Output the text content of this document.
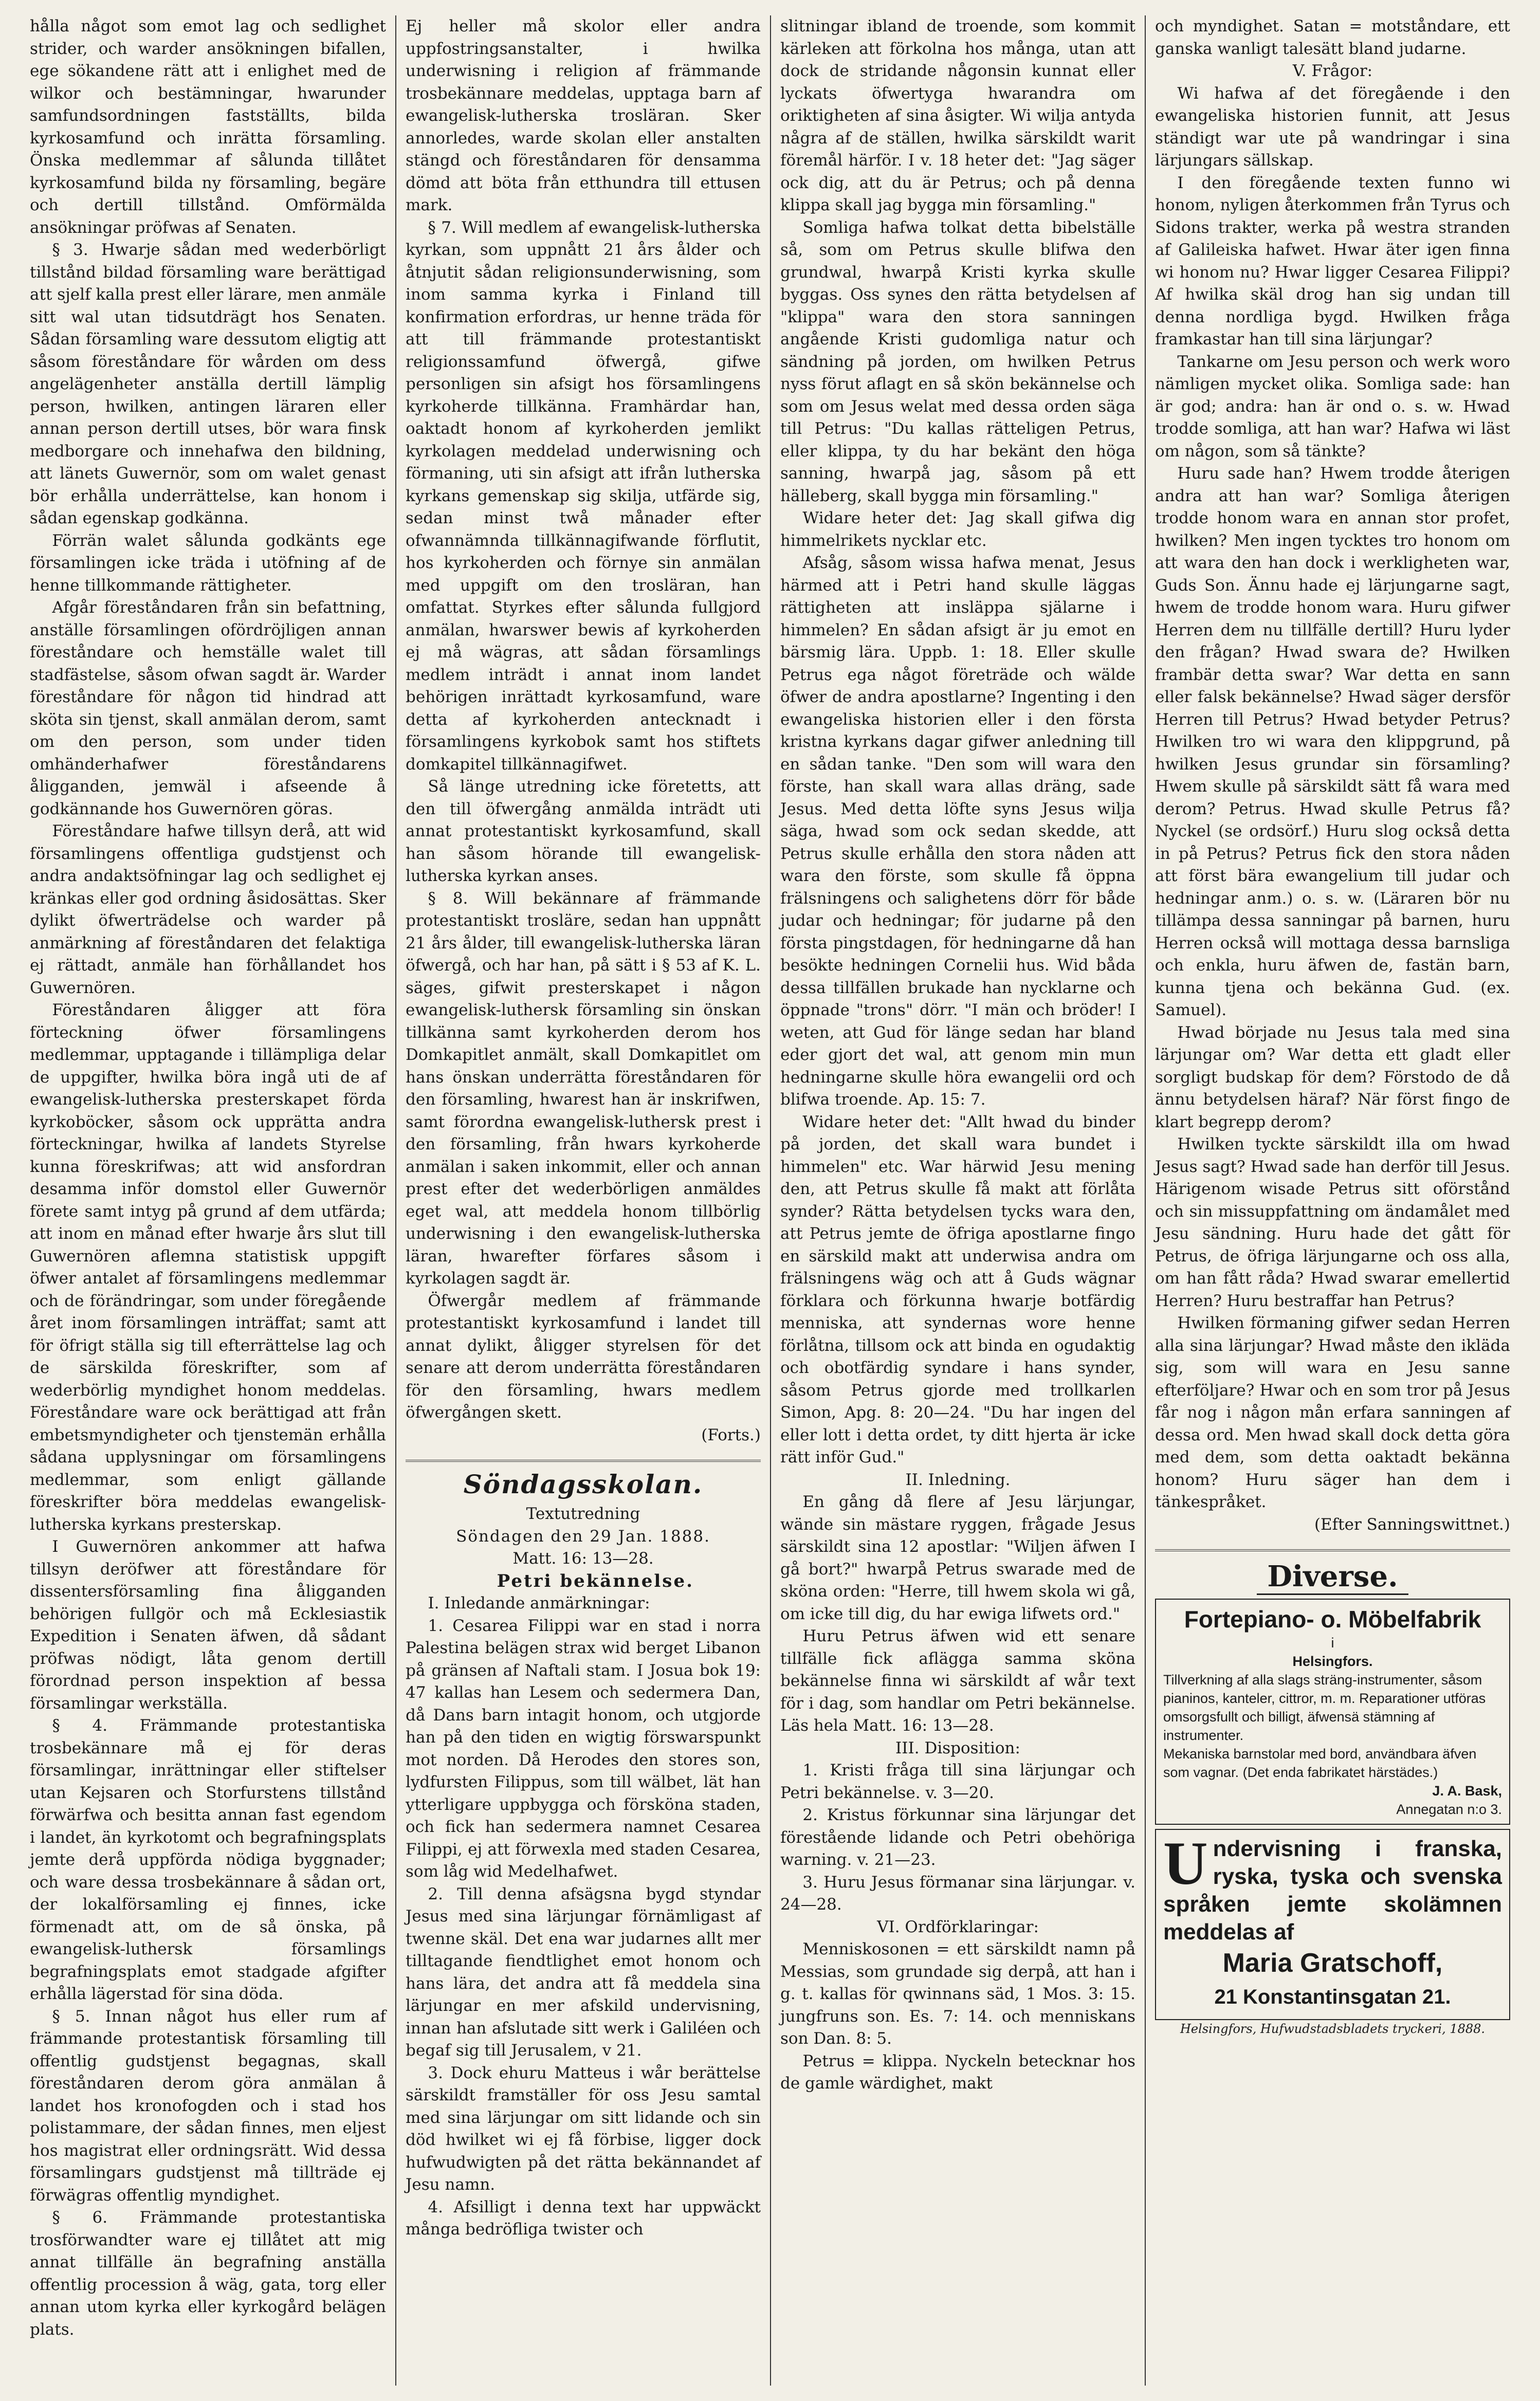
hålla något som emot lag och sedlighet strider, och warder ansökningen bifallen, ege sökandene rätt att i enlighet med de wilkor och bestämningar, hwarunder samfundsordningen fastställts, bilda kyrkosamfund och inrätta församling. Önska medlemmar af sålunda tillåtet kyrkosamfund bilda ny församling, begäre och dertill tillstånd. Omförmälda ansökningar pröfwas af Senaten.

§ 3. Hwarje sådan med wederbörligt tillstånd bildad församling ware berättigad att sjelf kalla prest eller lärare, men anmäle sitt wal utan tidsutdrägt hos Senaten. Sådan församling ware dessutom eligtig att såsom föreståndare för wården om dess angelägenheter anställa dertill lämplig person, hwilken, antingen läraren eller annan person dertill utses, bör wara finsk medborgare och innehafwa den bildning, att länets Guwernör, som om walet genast bör erhålla underrättelse, kan honom i sådan egenskap godkänna.

Förrän walet sålunda godkänts ege församlingen icke träda i utöfning af de henne tillkommande rättigheter.

Afgår föreståndaren från sin befattning, anställe församlingen ofördröjligen annan föreståndare och hemställe walet till stadfästelse, såsom ofwan sagdt är. Warder föreståndare för någon tid hindrad att sköta sin tjenst, skall anmälan derom, samt om den person, som under tiden omhänderhafwer föreståndarens åligganden, jemwäl i afseende å godkännande hos Guwernören göras.

Föreståndare hafwe tillsyn derå, att wid församlingens offentliga gudstjenst och andra andaktsöfningar lag och sedlighet ej kränkas eller god ordning åsidosättas. Sker dylikt öfwerträdelse och warder på anmärkning af föreståndaren det felaktiga ej rättadt, anmäle han förhållandet hos Guwernören.

Föreståndaren åligger att föra förteckning öfwer församlingens medlemmar, upptagande i tillämpliga delar de uppgifter, hwilka böra ingå uti de af ewangelisk-lutherska presterskapet förda kyrkoböcker, såsom ock upprätta andra förteckningar, hwilka af landets Styrelse kunna föreskrifwas; att wid ansfordran desamma inför domstol eller Guwernör förete samt intyg på grund af dem utfärda; att inom en månad efter hwarje års slut till Guwernören aflemna statistisk uppgift öfwer antalet af församlingens medlemmar och de förändringar, som under föregående året inom församlingen inträffat; samt att för öfrigt ställa sig till efterrättelse lag och de särskilda föreskrifter, som af wederbörlig myndighet honom meddelas. Föreståndare ware ock berättigad att från embetsmyndigheter och tjenstemän erhålla sådana upplysningar om församlingens medlemmar, som enligt gällande föreskrifter böra meddelas ewangelisk-lutherska kyrkans presterskap.

I Guwernören ankommer att hafwa tillsyn deröfwer att föreståndare för dissentersförsamling fina åligganden behörigen fullgör och må Ecklesiastik Expedition i Senaten äfwen, då sådant pröfwas nödigt, låta genom dertill förordnad person inspektion af bessa församlingar werkställa.

§ 4. Främmande protestantiska trosbekännare må ej för deras församlingar, inrättningar eller stiftelser utan Kejsaren och Storfurstens tillstånd förwärfwa och besitta annan fast egendom i landet, än kyrkotomt och begrafningsplats jemte derå uppförda nödiga byggnader; och ware dessa trosbekännare å sådan ort, der lokalförsamling ej finnes, icke förmenadt att, om de så önska, på ewangelisk-luthersk församlings begrafningsplats emot stadgade afgifter erhålla lägerstad för sina döda.

§ 5. Innan något hus eller rum af främmande protestantisk församling till offentlig gudstjenst begagnas, skall föreståndaren derom göra anmälan å landet hos kronofogden och i stad hos polistammare, der sådan finnes, men eljest hos magistrat eller ordningsrätt. Wid dessa församlingars gudstjenst må tillträde ej förwägras offentlig myndighet.

§ 6. Främmande protestantiska trosförwandter ware ej tillåtet att mig annat tillfälle än begrafning anställa offentlig procession å wäg, gata, torg eller annan utom kyrka eller kyrkogård belägen plats.

Ej heller må skolor eller andra uppfostringsanstalter, i hwilka underwisning i religion af främmande trosbekännare meddelas, upptaga barn af ewangelisk-lutherska trosläran. Sker annorledes, warde skolan eller anstalten stängd och föreståndaren för densamma dömd att böta från etthundra till ettusen mark.

§ 7. Will medlem af ewangelisk-lutherska kyrkan, som uppnått 21 års ålder och åtnjutit sådan religionsunderwisning, som inom samma kyrka i Finland till konfirmation erfordras, ur henne träda för att till främmande protestantiskt religionssamfund öfwergå, gifwe personligen sin afsigt hos församlingens kyrkoherde tillkänna. Framhärdar han, oaktadt honom af kyrkoherden jemlikt kyrkolagen meddelad underwisning och förmaning, uti sin afsigt att ifrån lutherska kyrkans gemenskap sig skilja, utfärde sig, sedan minst twå månader efter ofwannämnda tillkännagifwande förflutit, hos kyrkoherden och förnye sin anmälan med uppgift om den trosläran, han omfattat. Styrkes efter sålunda fullgjord anmälan, hwarswer bewis af kyrkoherden ej må wägras, att sådan församlings medlem inträdt i annat inom landet behörigen inrättadt kyrkosamfund, ware detta af kyrkoherden antecknadt i församlingens kyrkobok samt hos stiftets domkapitel tillkännagifwet.

Så länge utredning icke företetts, att den till öfwergång anmälda inträdt uti annat protestantiskt kyrkosamfund, skall han såsom hörande till ewangelisk-lutherska kyrkan anses.

§ 8. Will bekännare af främmande protestantiskt trosläre, sedan han uppnått 21 års ålder, till ewangelisk-lutherska läran öfwergå, och har han, på sätt i § 53 af K. L. säges, gifwit presterskapet i någon ewangelisk-luthersk församling sin önskan tillkänna samt kyrkoherden derom hos Domkapitlet anmält, skall Domkapitlet om hans önskan underrätta föreståndaren för den församling, hwarest han är inskrifwen, samt förordna ewangelisk-luthersk prest i den församling, från hwars kyrkoherde anmälan i saken inkommit, eller och annan prest efter det wederbörligen anmäldes eget wal, att meddela honom tillbörlig underwisning i den ewangelisk-lutherska läran, hwarefter förfares såsom i kyrkolagen sagdt är.

Öfwergår medlem af främmande protestantiskt kyrkosamfund i landet till annat dylikt, åligger styrelsen för det senare att derom underrätta föreståndaren för den församling, hwars medlem öfwergången skett.

(Forts.)

Söndagsskolan.

Textutredning

Söndagen den 29 Jan. 1888.

Matt. 16: 13—28.

Petri bekännelse.

I. Inledande anmärkningar:

1. Cesarea Filippi war en stad i norra Palestina belägen strax wid berget Libanon på gränsen af Naftali stam. I Josua bok 19: 47 kallas han Lesem och sedermera Dan, då Dans barn intagit honom, och utgjorde han på den tiden en wigtig förswarspunkt mot norden. Då Herodes den stores son, lydfursten Filippus, som till wälbet, lät han ytterligare uppbygga och försköna staden, och fick han sedermera namnet Cesarea Filippi, ej att förwexla med staden Cesarea, som låg wid Medelhafwet.

2. Till denna afsägsna bygd styndar Jesus med sina lärjungar förnämligast af twenne skäl. Det ena war judarnes allt mer tilltagande fiendtlighet emot honom och hans lära, det andra att få meddela sina lärjungar en mer afskild undervisning, innan han afslutade sitt werk i Galiléen och begaf sig till Jerusalem, v 21.

3. Dock ehuru Matteus i wår berättelse särskildt framställer för oss Jesu samtal med sina lärjungar om sitt lidande och sin död hwilket wi ej få förbise, ligger dock hufwudwigten på det rätta bekännandet af Jesu namn.

4. Afsilligt i denna text har uppwäckt många bedröfliga twister och

slitningar ibland de troende, som kommit kärleken att förkolna hos många, utan att dock de stridande någonsin kunnat eller lyckats öfwertyga hwarandra om oriktigheten af sina åsigter. Wi wilja antyda några af de ställen, hwilka särskildt warit föremål härför. I v. 18 heter det: "Jag säger ock dig, att du är Petrus; och på denna klippa skall jag bygga min församling."

Somliga hafwa tolkat detta bibelställe så, som om Petrus skulle blifwa den grundwal, hwarpå Kristi kyrka skulle byggas. Oss synes den rätta betydelsen af "klippa" wara den stora sanningen angående Kristi gudomliga natur och sändning på jorden, om hwilken Petrus nyss förut aflagt en så skön bekännelse och som om Jesus welat med dessa orden säga till Petrus: "Du kallas rätteligen Petrus, eller klippa, ty du har bekänt den höga sanning, hwarpå jag, såsom på ett hälleberg, skall bygga min församling."

Widare heter det: Jag skall gifwa dig himmelrikets nycklar etc.

Afsåg, såsom wissa hafwa menat, Jesus härmed att i Petri hand skulle läggas rättigheten att insläppa själarne i himmelen? En sådan afsigt är ju emot en bärsmig lära. Uppb. 1: 18. Eller skulle Petrus ega något företräde och wälde öfwer de andra apostlarne? Ingenting i den ewangeliska historien eller i den första kristna kyrkans dagar gifwer anledning till en sådan tanke. "Den som will wara den förste, han skall wara allas dräng, sade Jesus. Med detta löfte syns Jesus wilja säga, hwad som ock sedan skedde, att Petrus skulle erhålla den stora nåden att wara den förste, som skulle få öppna frälsningens och salighetens dörr för både judar och hedningar; för judarne på den första pingstdagen, för hedningarne då han besökte hedningen Cornelii hus. Wid båda dessa tillfällen brukade han nycklarne och öppnade "trons" dörr. "I män och bröder! I weten, att Gud för länge sedan har bland eder gjort det wal, att genom min mun hedningarne skulle höra ewangelii ord och blifwa troende. Ap. 15: 7.

Widare heter det: "Allt hwad du binder på jorden, det skall wara bundet i himmelen" etc. War härwid Jesu mening den, att Petrus skulle få makt att förlåta synder? Rätta betydelsen tycks wara den, att Petrus jemte de öfriga apostlarne fingo en särskild makt att underwisa andra om frälsningens wäg och att å Guds wägnar förklara och förkunna hwarje botfärdig menniska, att syndernas wore henne förlåtna, tillsom ock att binda en ogudaktig och obotfärdig syndare i hans synder, såsom Petrus gjorde med trollkarlen Simon, Apg. 8: 20—24. "Du har ingen del eller lott i detta ordet, ty ditt hjerta är icke rätt inför Gud."

II. Inledning.

En gång då flere af Jesu lärjungar, wände sin mästare ryggen, frågade Jesus särskildt sina 12 apostlar: "Wiljen äfwen I gå bort?" hwarpå Petrus swarade med de sköna orden: "Herre, till hwem skola wi gå, om icke till dig, du har ewiga lifwets ord."

Huru Petrus äfwen wid ett senare tillfälle fick aflägga samma sköna bekännelse finna wi särskildt af wår text för i dag, som handlar om Petri bekännelse. Läs hela Matt. 16: 13—28.

III. Disposition:

1. Kristi fråga till sina lärjungar och Petri bekännelse. v. 3—20.

2. Kristus förkunnar sina lärjungar det förestående lidande och Petri obehöriga warning. v. 21—23.

3. Huru Jesus förmanar sina lärjungar. v. 24—28.

VI. Ordförklaringar:

Menniskosonen = ett särskildt namn på Messias, som grundade sig derpå, att han i g. t. kallas för qwinnans säd, 1 Mos. 3: 15. jungfruns son. Es. 7: 14. och menniskans son Dan. 8: 5.

Petrus = klippa. Nyckeln betecknar hos de gamle wärdighet, makt

och myndighet. Satan = motståndare, ett ganska wanligt talesätt bland judarne.

V. Frågor:

Wi hafwa af det föregående i den ewangeliska historien funnit, att Jesus ständigt war ute på wandringar i sina lärjungars sällskap.

I den föregående texten funno wi honom, nyligen återkommen från Tyrus och Sidons trakter, werka på westra stranden af Galileiska hafwet. Hwar äter igen finna wi honom nu? Hwar ligger Cesarea Filippi? Af hwilka skäl drog han sig undan till denna nordliga bygd. Hwilken fråga framkastar han till sina lärjungar?

Tankarne om Jesu person och werk woro nämligen mycket olika. Somliga sade: han är god; andra: han är ond o. s. w. Hwad trodde somliga, att han war? Hafwa wi läst om någon, som så tänkte?

Huru sade han? Hwem trodde återigen andra att han war? Somliga återigen trodde honom wara en annan stor profet, hwilken? Men ingen tycktes tro honom om att wara den han dock i werkligheten war, Guds Son. Ännu hade ej lärjungarne sagt, hwem de trodde honom wara. Huru gifwer Herren dem nu tillfälle dertill? Huru lyder den frågan? Hwad swara de? Hwilken frambär detta swar? War detta en sann eller falsk bekännelse? Hwad säger dersför Herren till Petrus? Hwad betyder Petrus? Hwilken tro wi wara den klippgrund, på hwilken Jesus grundar sin församling? Hwem skulle på särskildt sätt få wara med derom? Petrus. Hwad skulle Petrus få? Nyckel (se ordsörf.) Huru slog också detta in på Petrus? Petrus fick den stora nåden att först bära ewangelium till judar och hedningar anm.) o. s. w. (Läraren bör nu tillämpa dessa sanningar på barnen, huru Herren också will mottaga dessa barnsliga och enkla, huru äfwen de, fastän barn, kunna tjena och bekänna Gud. (ex. Samuel).

Hwad började nu Jesus tala med sina lärjungar om? War detta ett gladt eller sorgligt budskap för dem? Förstodo de då ännu betydelsen häraf? När först fingo de klart begrepp derom?

Hwilken tyckte särskildt illa om hwad Jesus sagt? Hwad sade han derför till Jesus. Härigenom wisade Petrus sitt oförstånd och sin missuppfattning om ändamålet med Jesu sändning. Huru hade det gått för Petrus, de öfriga lärjungarne och oss alla, om han fått råda? Hwad swarar emellertid Herren? Huru bestraffar han Petrus?

Hwilken förmaning gifwer sedan Herren alla sina lärjungar? Hwad måste den ikläda sig, som will wara en Jesu sanne efterföljare? Hwar och en som tror på Jesus får nog i någon mån erfara sanningen af dessa ord. Men hwad skall dock detta göra med dem, som detta oaktadt bekänna honom? Huru säger han dem i tänkespråket.

(Efter Sanningswittnet.)

Diverse.
Fortepiano- o. Möbelfabrik

i

Helsingfors.

Tillverkning af alla slags sträng-instrumenter, såsom pianinos, kanteler, cittror, m. m. Reparationer utföras omsorgsfullt och billigt, äfwensä stämning af instrumenter.

Mekaniska barnstolar med bord, användbara äfven som vagnar. (Det enda fabrikatet härstädes.)

J. A. Bask,

Annegatan n:o 3.

Undervisning i franska, ryska, tyska och svenska språken jemte skolämnen meddelas af

Maria Gratschoff,
21 Konstantinsgatan 21.

Helsingfors, Hufwudstadsbladets tryckeri, 1888.
